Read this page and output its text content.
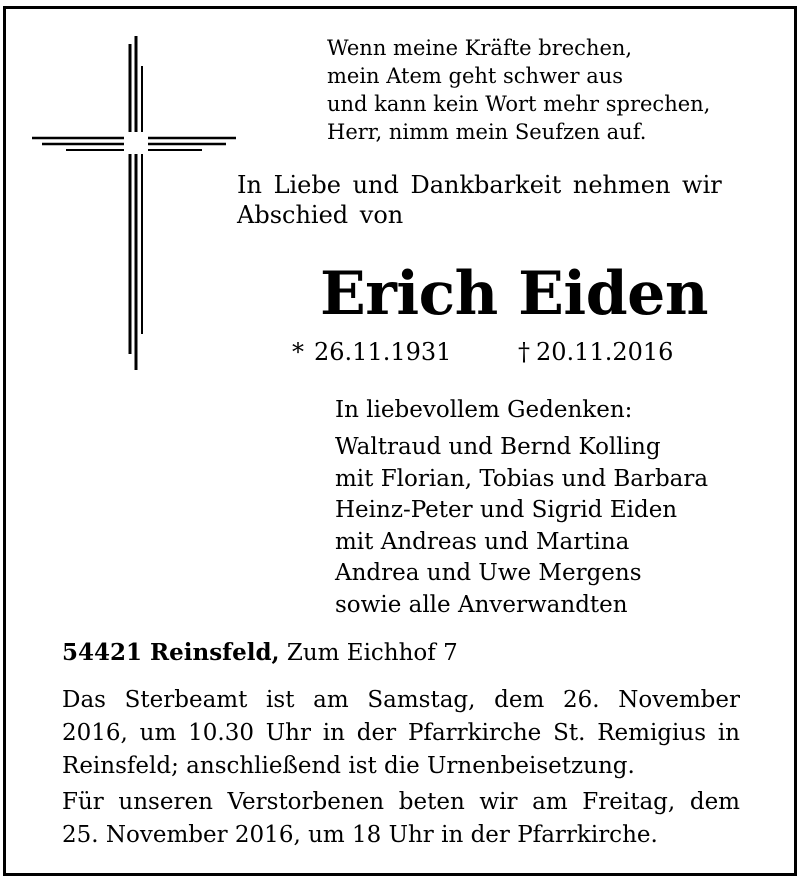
Wenn meine Kräfte brechen,
mein Atem geht schwer aus
und kann kein Wort mehr sprechen,
Herr, nimm mein Seufzen auf.
In Liebe und Dankbarkeit nehmen wir
Abschied von
Erich Eiden
* 26.11.1931	† 20.11.2016
In liebevollem Gedenken:
Waltraud und Bernd Kolling
mit Florian, Tobias und Barbara
Heinz-Peter und Sigrid Eiden
mit Andreas und Martina
Andrea und Uwe Mergens
sowie alle Anverwandten
54421 Reinsfeld, Zum Eichhof 7
Das Sterbeamt ist am Samstag, dem 26. November
2016, um 10.30 Uhr in der Pfarrkirche St. Remigius in
Reinsfeld; anschließend ist die Urnenbeisetzung.
Für unseren Verstorbenen beten wir am Freitag, dem
25. November 2016, um 18 Uhr in der Pfarrkirche.
